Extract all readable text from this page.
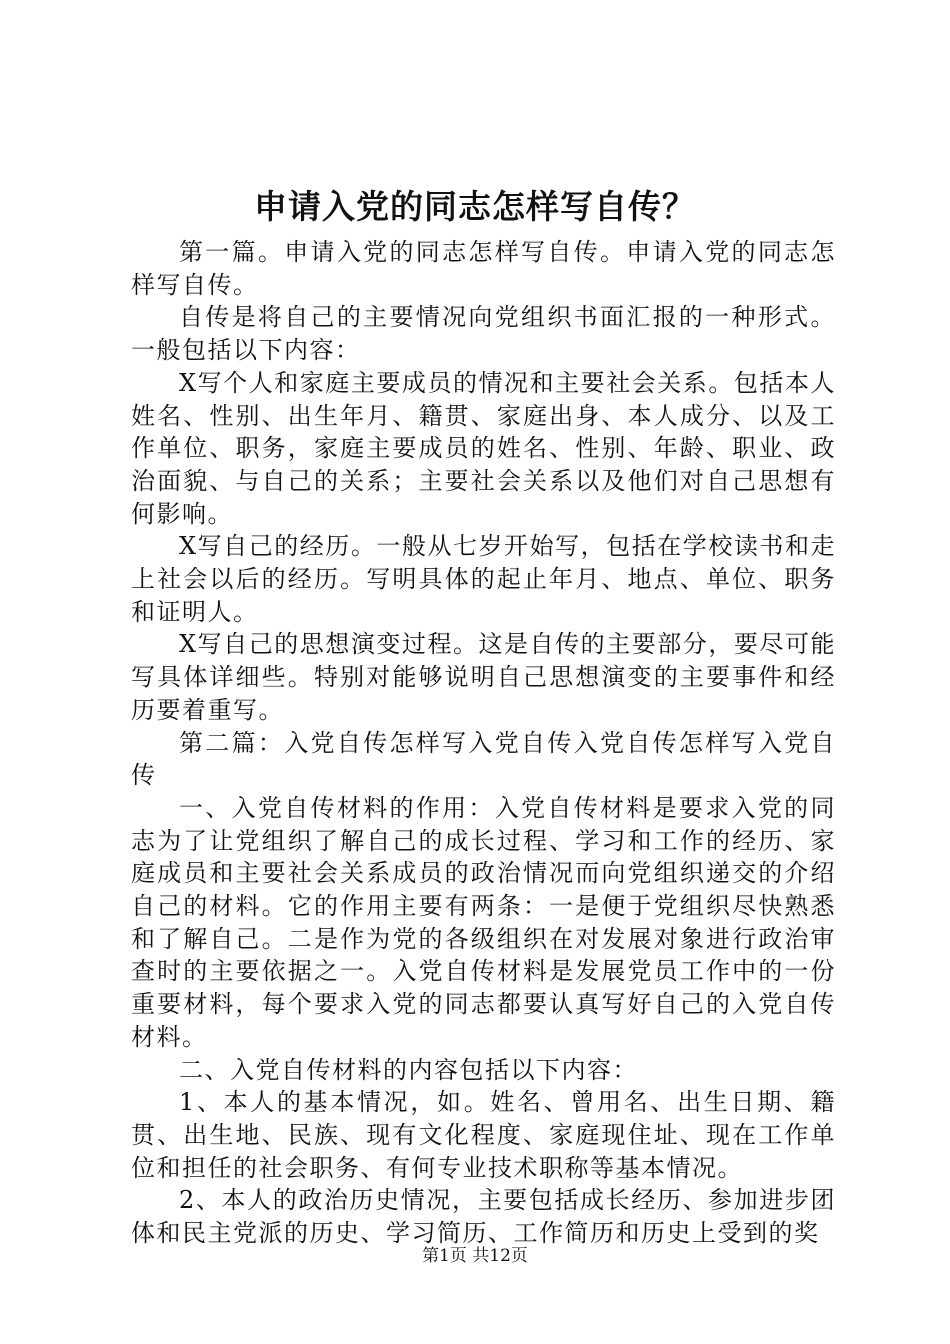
申请入党的同志怎样写自传？

第一篇。申请入党的同志怎样写自传。申请入党的同志怎样写自传。

自传是将自己的主要情况向党组织书面汇报的一种形式。一般包括以下内容：

X写个人和家庭主要成员的情况和主要社会关系。包括本人姓名、性别、出生年月、籍贯、家庭出身、本人成分、以及工作单位、职务，家庭主要成员的姓名、性别、年龄、职业、政治面貌、与自己的关系；主要社会关系以及他们对自己思想有何影响。

X写自己的经历。一般从七岁开始写，包括在学校读书和走上社会以后的经历。写明具体的起止年月、地点、单位、职务和证明人。

X写自己的思想演变过程。这是自传的主要部分，要尽可能写具体详细些。特别对能够说明自己思想演变的主要事件和经历要着重写。

第二篇：入党自传怎样写入党自传入党自传怎样写入党自传

一、入党自传材料的作用：入党自传材料是要求入党的同志为了让党组织了解自己的成长过程、学习和工作的经历、家庭成员和主要社会关系成员的政治情况而向党组织递交的介绍自己的材料。它的作用主要有两条：一是便于党组织尽快熟悉和了解自己。二是作为党的各级组织在对发展对象进行政治审查时的主要依据之一。入党自传材料是发展党员工作中的一份重要材料，每个要求入党的同志都要认真写好自己的入党自传材料。

二、入党自传材料的内容包括以下内容：

1、本人的基本情况，如。姓名、曾用名、出生日期、籍贯、出生地、民族、现有文化程度、家庭现住址、现在工作单位和担任的社会职务、有何专业技术职称等基本情况。

2、本人的政治历史情况，主要包括成长经历、参加进步团体和民主党派的历史、学习简历、工作简历和历史上受到的奖

第1页 共12页
